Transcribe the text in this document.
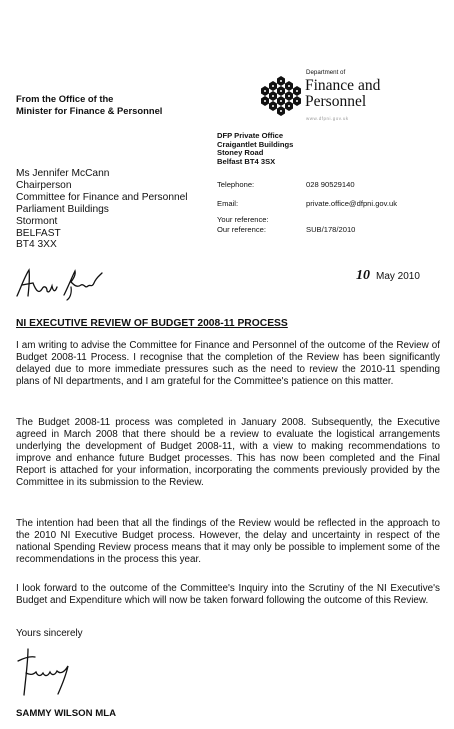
From the Office of the
Minister for Finance & Personnel
Department of
Finance and
Personnel
www.dfpni.gov.uk
DFP Private Office
Craigantlet Buildings
Stoney Road
Belfast BT4 3SX
Ms Jennifer McCann
Chairperson
Committee for Finance and Personnel
Parliament Buildings
Stormont
BELFAST
BT4 3XX
Telephone:	028 90529140
Email:	private.office@dfpni.gov.uk
Your reference:
Our reference:	SUB/178/2010
10 May 2010
NI EXECUTIVE REVIEW OF BUDGET 2008-11 PROCESS
I am writing to advise the Committee for Finance and Personnel of the outcome of the Review of Budget 2008-11 Process. I recognise that the completion of the Review has been significantly delayed due to more immediate pressures such as the need to review the 2010-11 spending plans of NI departments, and I am grateful for the Committee's patience on this matter.
The Budget 2008-11 process was completed in January 2008. Subsequently, the Executive agreed in March 2008 that there should be a review to evaluate the logistical arrangements underlying the development of Budget 2008-11, with a view to making recommendations to improve and enhance future Budget processes. This has now been completed and the Final Report is attached for your information, incorporating the comments previously provided by the Committee in its submission to the Review.
The intention had been that all the findings of the Review would be reflected in the approach to the 2010 NI Executive Budget process. However, the delay and uncertainty in respect of the national Spending Review process means that it may only be possible to implement some of the recommendations in the process this year.
I look forward to the outcome of the Committee's Inquiry into the Scrutiny of the NI Executive's Budget and Expenditure which will now be taken forward following the outcome of this Review.
Yours sincerely
SAMMY WILSON MLA
